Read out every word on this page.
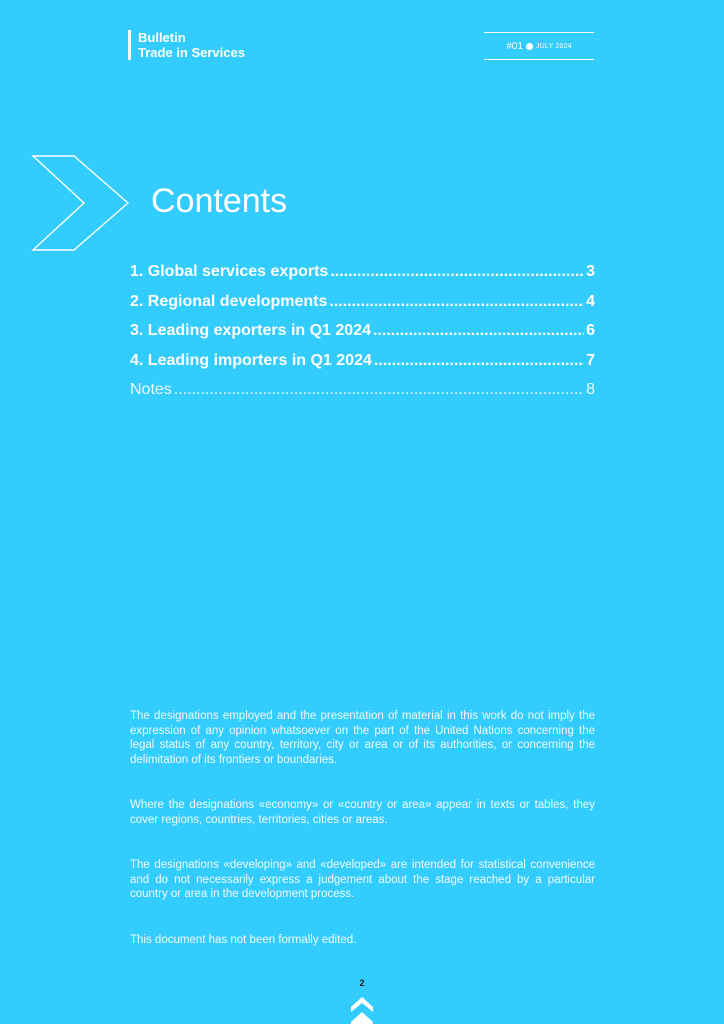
Bulletin
Trade in Services	#01 JULY 2024
Contents
1. Global services exports .....	3
2. Regional developments .....	4
3. Leading exporters in Q1 2024 .....	6
4. Leading importers in Q1 2024 .....	7
Notes .....	8

The designations employed and the presentation of material in this work do not imply the expression of any opinion whatsoever on the part of the United Nations concerning the legal status of any country, territory, city or area or of its authorities, or concerning the delimitation of its frontiers or boundaries.

Where the designations «economy» or «country or area» appear in texts or tables, they cover regions, countries, territories, cities or areas.

The designations «developing» and «developed» are intended for statistical convenience and do not necessarily express a judgement about the stage reached by a particular country or area in the development process.

This document has not been formally edited.

2
